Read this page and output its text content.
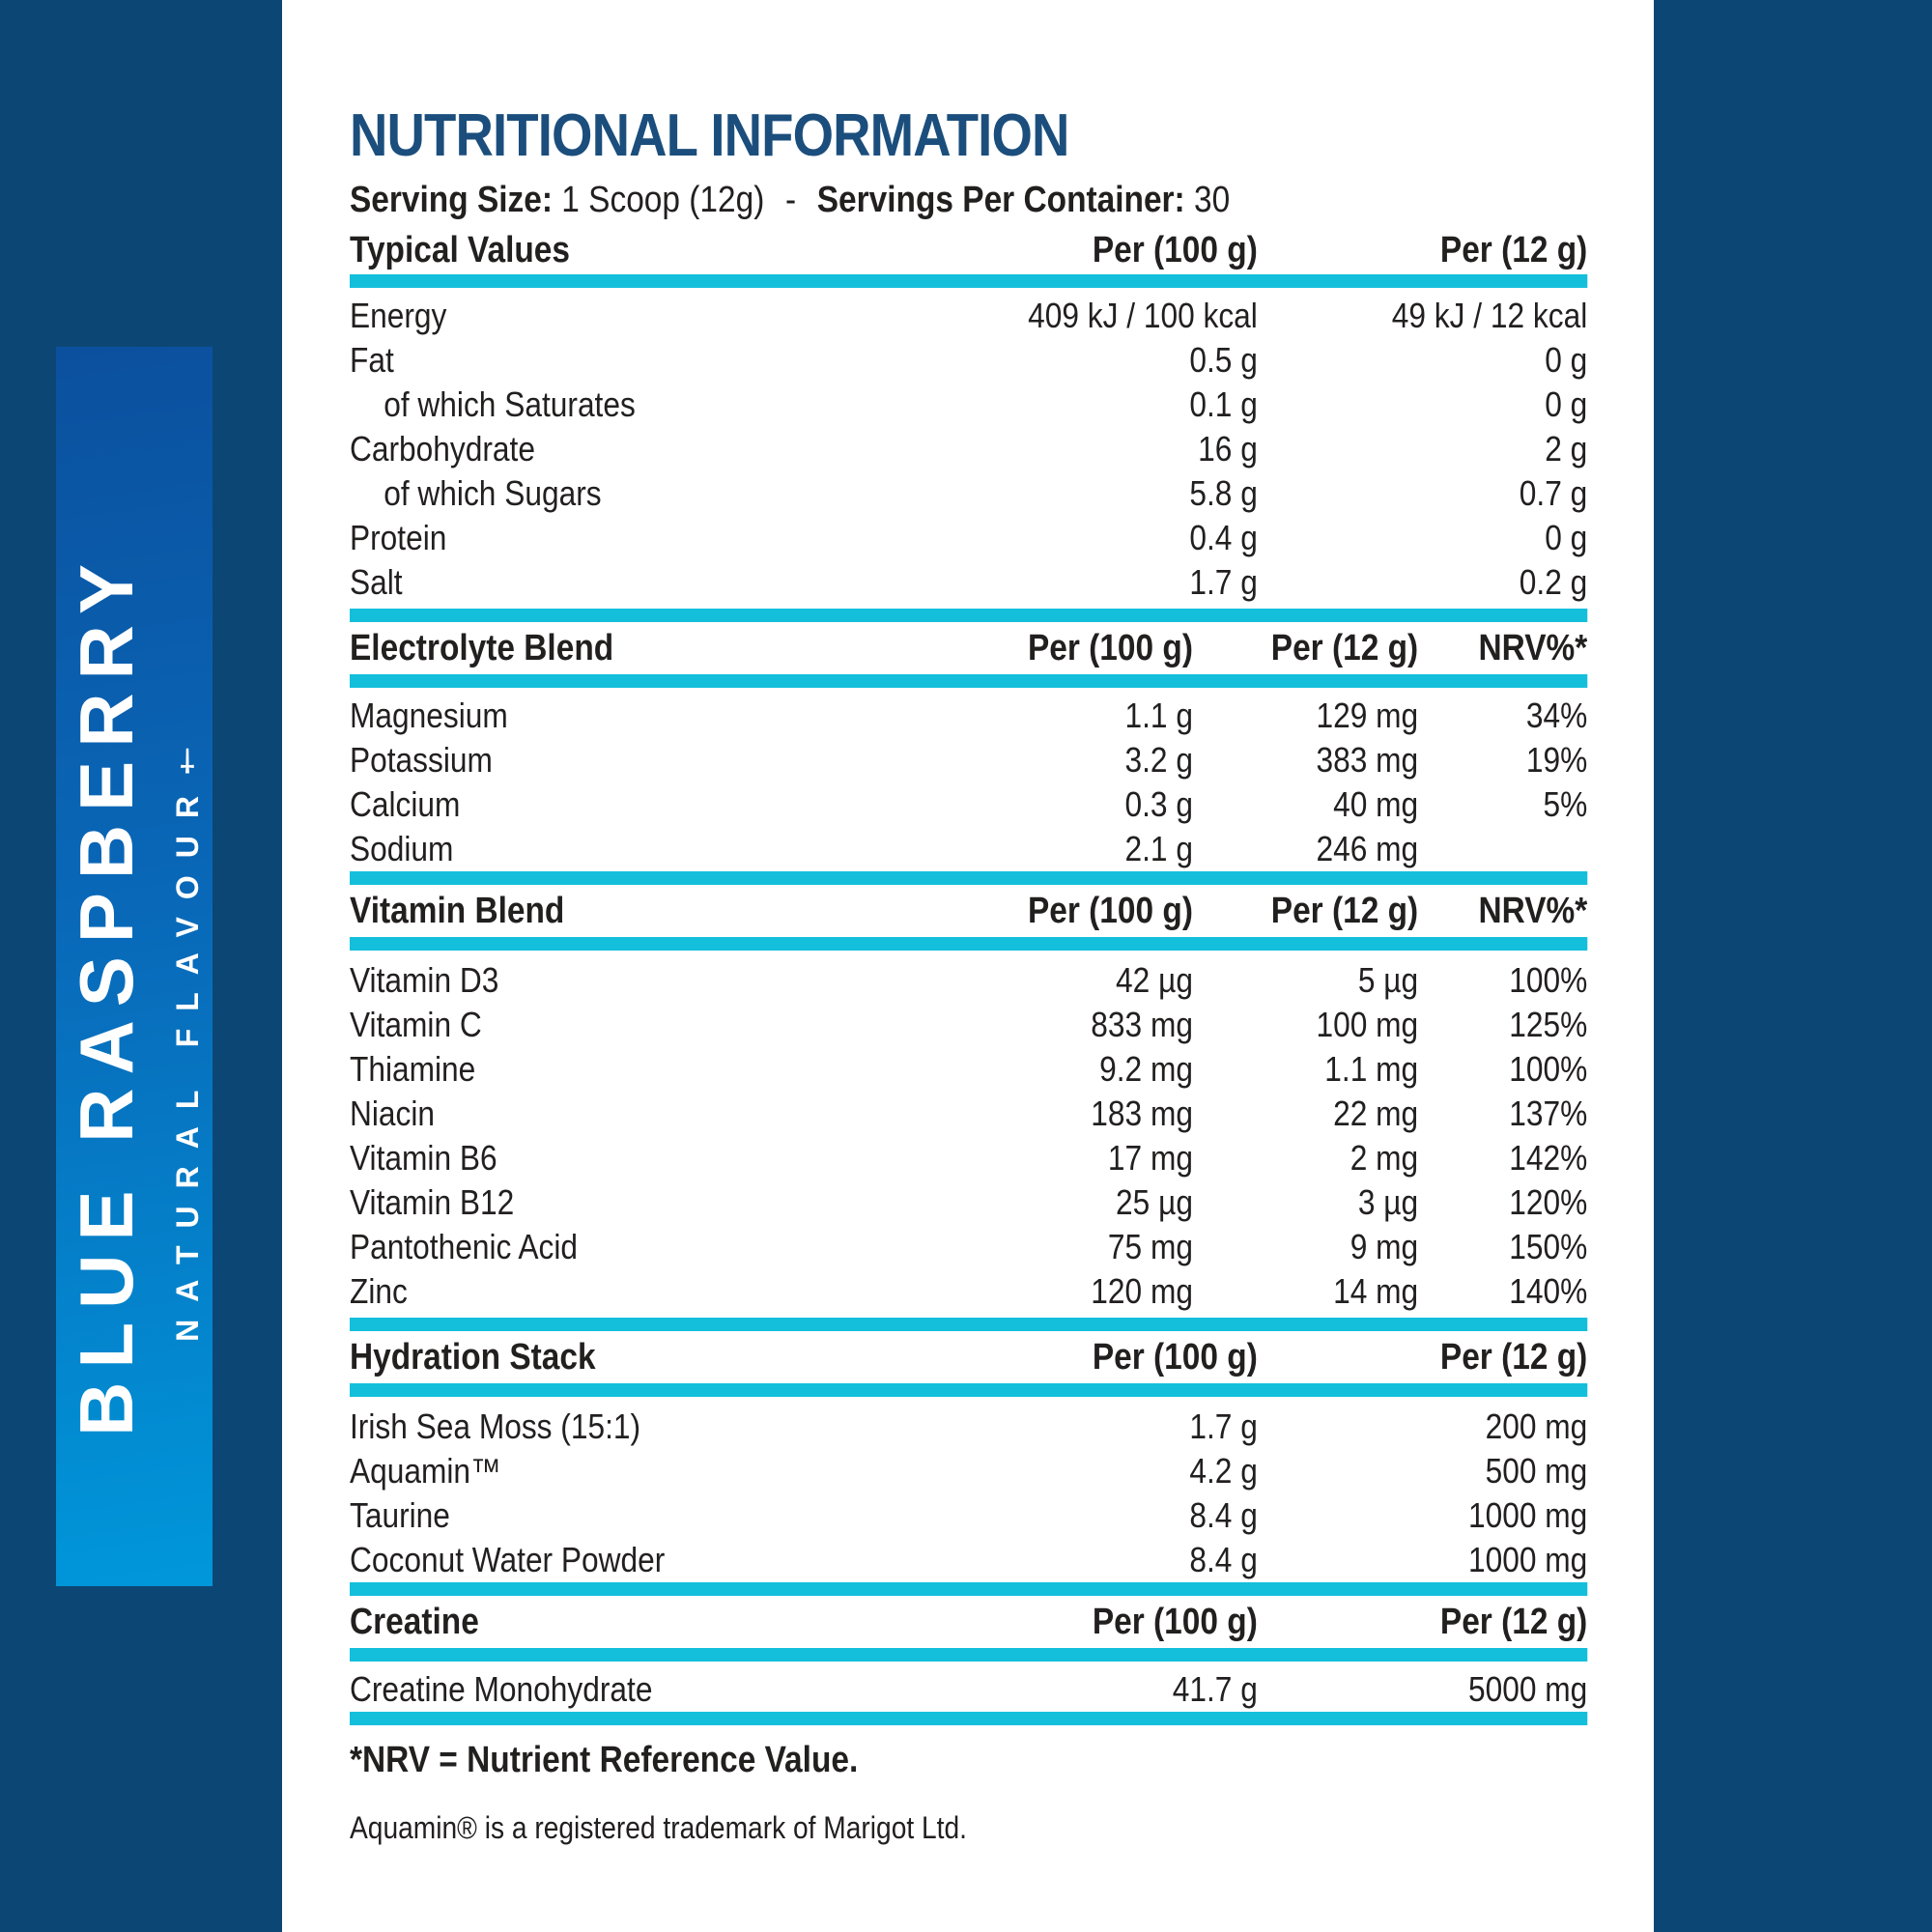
BLUE RASPBERRY NATURAL FLAVOUR†
NUTRITIONAL INFORMATION
Serving Size: 1 Scoop (12g) - Servings Per Container: 30
Typical Values	Per (100 g)	Per (12 g)
Energy	409 kJ / 100 kcal	49 kJ / 12 kcal
Fat	0.5 g	0 g
of which Saturates	0.1 g	0 g
Carbohydrate	16 g	2 g
of which Sugars	5.8 g	0.7 g
Protein	0.4 g	0 g
Salt	1.7 g	0.2 g
Electrolyte Blend	Per (100 g)	Per (12 g)	NRV%*
Magnesium	1.1 g	129 mg	34%
Potassium	3.2 g	383 mg	19%
Calcium	0.3 g	40 mg	5%
Sodium	2.1 g	246 mg
Vitamin Blend	Per (100 g)	Per (12 g)	NRV%*
Vitamin D3	42 µg	5 µg	100%
Vitamin C	833 mg	100 mg	125%
Thiamine	9.2 mg	1.1 mg	100%
Niacin	183 mg	22 mg	137%
Vitamin B6	17 mg	2 mg	142%
Vitamin B12	25 µg	3 µg	120%
Pantothenic Acid	75 mg	9 mg	150%
Zinc	120 mg	14 mg	140%
Hydration Stack	Per (100 g)	Per (12 g)
Irish Sea Moss (15:1)	1.7 g	200 mg
Aquamin™	4.2 g	500 mg
Taurine	8.4 g	1000 mg
Coconut Water Powder	8.4 g	1000 mg
Creatine	Per (100 g)	Per (12 g)
Creatine Monohydrate	41.7 g	5000 mg
*NRV = Nutrient Reference Value.
Aquamin® is a registered trademark of Marigot Ltd.
